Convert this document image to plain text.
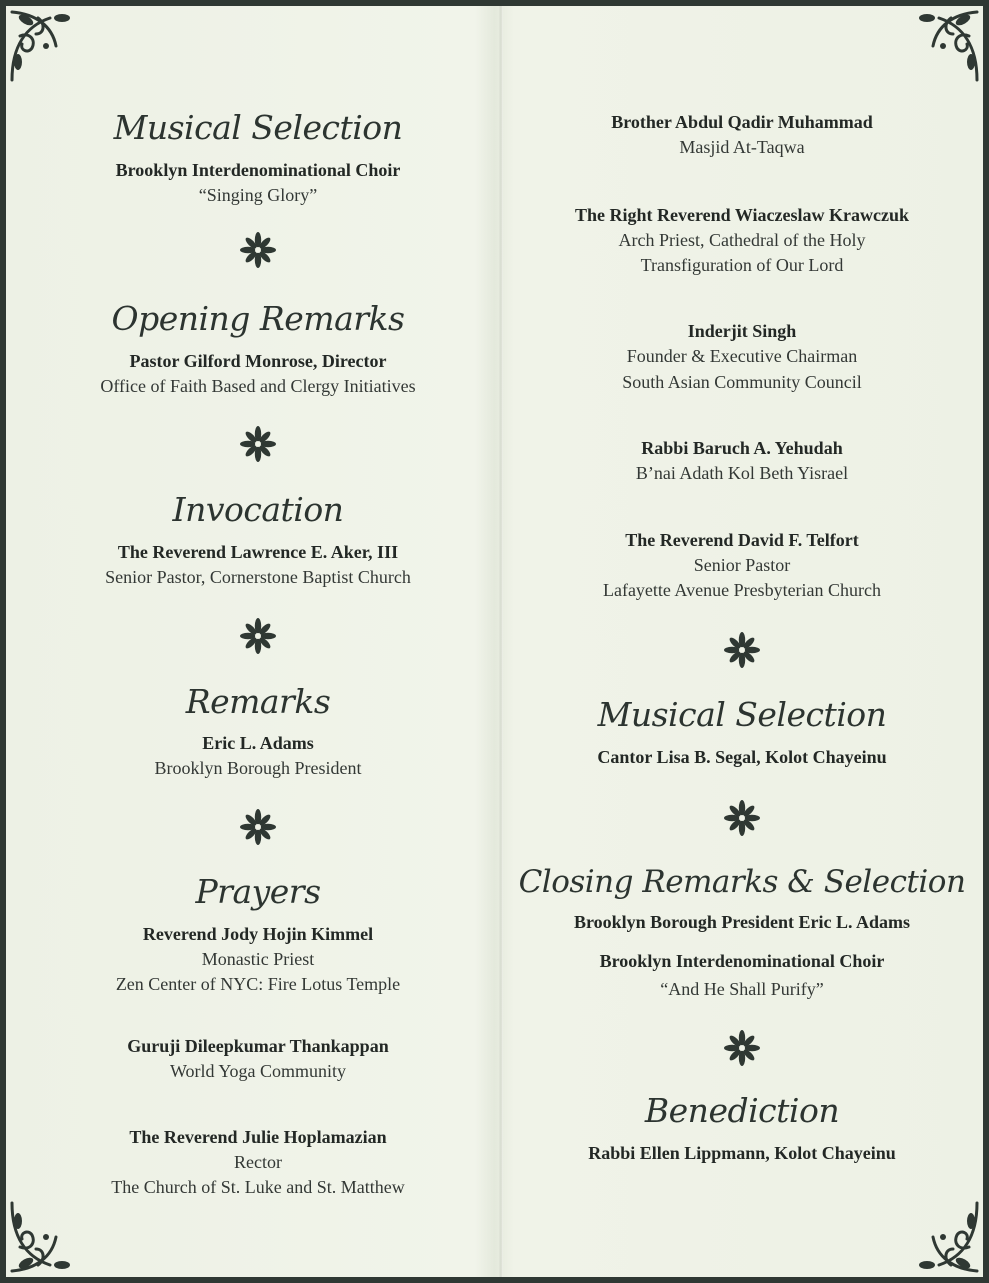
Musical Selection
Brooklyn Interdenominational Choir
“Singing Glory”
Opening Remarks
Pastor Gilford Monrose, Director
Office of Faith Based and Clergy Initiatives
Invocation
The Reverend Lawrence E. Aker, III
Senior Pastor, Cornerstone Baptist Church
Remarks
Eric L. Adams
Brooklyn Borough President
Prayers
Reverend Jody Hojin Kimmel
Monastic Priest
Zen Center of NYC: Fire Lotus Temple
Guruji Dileepkumar Thankappan
World Yoga Community
The Reverend Julie Hoplamazian
Rector
The Church of St. Luke and St. Matthew
Brother Abdul Qadir Muhammad
Masjid At-Taqwa
The Right Reverend Wiaczeslaw Krawczuk
Arch Priest, Cathedral of the Holy
Transfiguration of Our Lord
Inderjit Singh
Founder & Executive Chairman
South Asian Community Council
Rabbi Baruch A. Yehudah
B’nai Adath Kol Beth Yisrael
The Reverend David F. Telfort
Senior Pastor
Lafayette Avenue Presbyterian Church
Musical Selection
Cantor Lisa B. Segal, Kolot Chayeinu
Closing Remarks & Selection
Brooklyn Borough President Eric L. Adams
Brooklyn Interdenominational Choir
“And He Shall Purify”
Benediction
Rabbi Ellen Lippmann, Kolot Chayeinu
